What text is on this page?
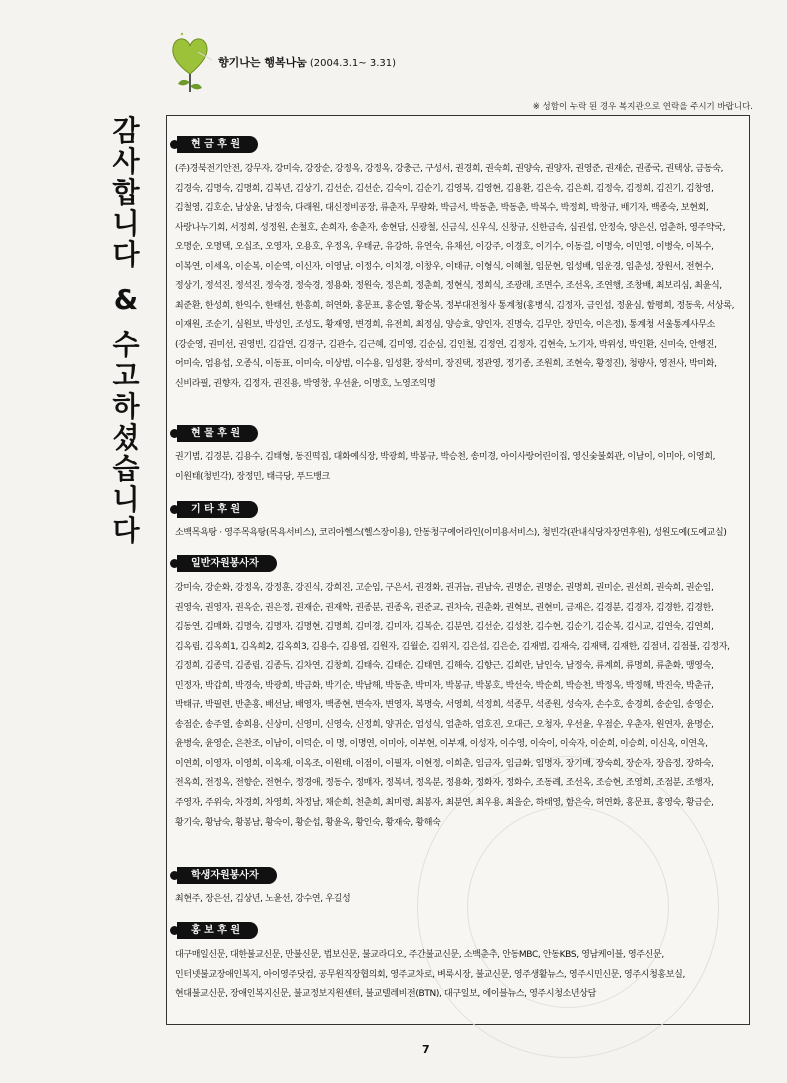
향기나는 행복나눔 (2004.3.1~ 3.31)
※ 성함이 누락 된 경우 복지관으로 연락을 주시기 바랍니다.
감
사
합
니
다
&
수
고
하
셨
습
니
다
현 금 후 원
(주)경북전기안전, 강무자, 강미숙, 강장순, 강정옥, 강정옥, 강충근, 구성서, 권경희, 권숙희, 권양숙, 권양자, 권영준, 권재순, 권종국, 권택상, 금동숙, 김경숙, 김명숙, 김명희, 김복년, 김상기, 김선순, 김선순, 김숙이, 김순기, 김영복, 김영현, 김용환, 김은숙, 김은희, 김정숙, 김정희, 김진기, 김창영, 김철영, 김호순, 남상윤, 남정숙, 다래원, 대신정비공장, 류춘자, 무량화, 박금서, 박동춘, 박동춘, 박복수, 박정희, 박창규, 배기자, 백종숙, 보현회, 사랑나누기회, 서정희, 성정원, 손철호, 손희자, 송춘자, 송현담, 신광철, 신금식, 신우식, 신창규, 신한금속, 심권섭, 안정숙, 양은신, 엄춘하, 영주약국, 오명순, 오명택, 오십조, 오영자, 오용호, 우정옥, 우태균, 유강하, 유연숙, 유채선, 이강주, 이경호, 이기수, 이동걸, 이명숙, 이민영, 이병숙, 이복수, 이복연, 이세옥, 이순복, 이순역, 이신자, 이영남, 이정수, 이치경, 이창우, 이태규, 이형식, 이혜철, 임문현, 임성배, 임운경, 임춘성, 장원서, 전현수, 정상기, 정석진, 정석진, 정숙경, 정숙경, 정용화, 정원숙, 정은희, 정춘희, 정현식, 정희식, 조광래, 조면수, 조선옥, 조연행, 조창배, 최보리심, 최윤식, 최준환, 한성희, 한익수, 한태선, 한흥희, 허연화, 홍문표, 홍순열, 황순복, 정부대전청사 통계청(홍병식, 김정자, 금인섭, 정윤심, 함평희, 정동욱, 서상록, 이재원, 조순기, 심원보, 박성인, 조성도, 황재영, 변경희, 유전희, 최정심, 양승효, 양인자, 진명숙, 김무안, 장민숙, 이은정), 통계청 서울통계사무소(강순영, 권미선, 권영빈, 김갑연, 김경구, 김관수, 김근혜, 김미영, 김순심, 김인철, 김정연, 김정자, 김현숙, 노기자, 박위성, 박인환, 신미숙, 안행진, 어미숙, 엄용섭, 오종식, 이동표, 이미숙, 이상범, 이수용, 임성환, 장석미, 장진택, 정관영, 정기종, 조원희, 조현숙, 황정진), 청량사, 영전사, 박미화, 신비라필, 권향자, 김정자, 권진용, 박영창, 우선윤, 이명호, 노영조익명
현 물 후 원
권기범, 김경분, 김용수, 김태형, 동진떡집, 대화예식장, 박광희, 박봉규, 박승천, 송미경, 아이사랑어린이집, 영신숯불회관, 이남이, 이미아, 이영희, 이원태(청빈각), 장정민, 태극당, 푸드뱅크
기 타 후 원
소백목욕탕 · 영주목욕탕(목욕서비스), 코리아헬스(헬스장이용), 안동청구예어라인(이미용서비스), 청빈각(관내식당자장면후원), 성원도예(도예교실)
일반자원봉사자
강미숙, 강순화, 강정옥, 강정훈, 강진식, 강희진, 고순임, 구은서, 권경화, 권귀늠, 권남숙, 권명순, 권명순, 권명희, 권미순, 권선희, 권숙희, 권순임, 권영숙, 권영자, 권옥순, 권은정, 권재순, 권재학, 권종분, 권종옥, 권준교, 권차숙, 권춘화, 권혁보, 권현미, 금재은, 김경분, 김경자, 김경한, 김경한, 김동연, 김매화, 김명숙, 김명자, 김명현, 김명희, 김미경, 김미자, 김복순, 김분연, 김선순, 김성찬, 김수현, 김순기, 김순복, 김시교, 김연숙, 김연희, 김옥림, 김옥희1, 김옥희2, 김옥희3, 김용수, 김용엽, 김원자, 김월순, 김위지, 김은섭, 김은순, 김재범, 김재숙, 김재택, 김재한, 김점녀, 김점불, 김정자, 김정희, 김종덕, 김종림, 김종득, 김차연, 김창희, 김태숙, 김태순, 김태연, 김해숙, 김향근, 김희란, 남인숙, 남정숙, 류계희, 류명희, 류춘화, 맹영숙, 민정자, 박갑희, 박경숙, 박광희, 박금화, 박기순, 박남해, 박동춘, 박미자, 박봉규, 박봉호, 박선숙, 박순희, 박승천, 박정옥, 박정해, 박진숙, 박춘규, 박태규, 박필련, 반춘홍, 배선남, 배영자, 백종현, 변숙자, 변영자, 복명숙, 서영희, 석정희, 석종무, 석종원, 성숙자, 손수호, 송경희, 송순임, 송영순, 송점순, 송주열, 송희용, 신상미, 신영미, 신영숙, 신정희, 양귀순, 엄성식, 엄춘하, 엄호진, 오대근, 오청자, 우선윤, 우점순, 우춘자, 원연자, 윤명순, 윤병숙, 윤영순, 은찬조, 이남이, 이덕순, 이 명, 이명연, 이미아, 이부현, 이부재, 이성자, 이수영, 이숙이, 이숙자, 이순희, 이승희, 이신옥, 이연옥, 이연희, 이영자, 이영희, 이옥재, 이옥조, 이원태, 이점이, 이필자, 이현정, 이희춘, 임금자, 임금화, 임명자, 장기매, 장숙희, 장순자, 장음정, 장하숙, 전옥희, 전정옥, 전향순, 전현수, 정경애, 정동수, 정매자, 정복녀, 정옥분, 정용화, 정화자, 정화수, 조동례, 조선옥, 조승현, 조영희, 조점분, 조행자, 주영자, 주위숙, 차경희, 차영희, 차정남, 채순희, 천춘희, 최미령, 최봉자, 최분연, 최우용, 최을순, 하태영, 함은숙, 허연화, 홍문표, 홍영숙, 황금순, 황기숙, 황남숙, 황봉남, 황숙이, 황순섭, 황윤옥, 황인숙, 황재숙, 황해숙
학생자원봉사자
최현주, 장은선, 김상년, 노윤선, 강수연, 우길성
홍 보 후 원
대구매일신문, 대한불교신문, 만불신문, 법보신문, 불교라디오, 주간불교신문, 소백춘추, 안동MBC, 안동KBS, 영남케이블, 영주신문, 인터넷불교장애인복지, 아이영주닷컴, 공무원직장협의회, 영주교차로, 벼룩시장, 불교신문, 영주생활뉴스, 영주시민신문, 영주시청홍보실, 현대불교신문, 장애인복지신문, 불교정보지원센터, 불교텔레비전(BTN), 대구일보, 에이블뉴스, 영주시청소년상담
7
